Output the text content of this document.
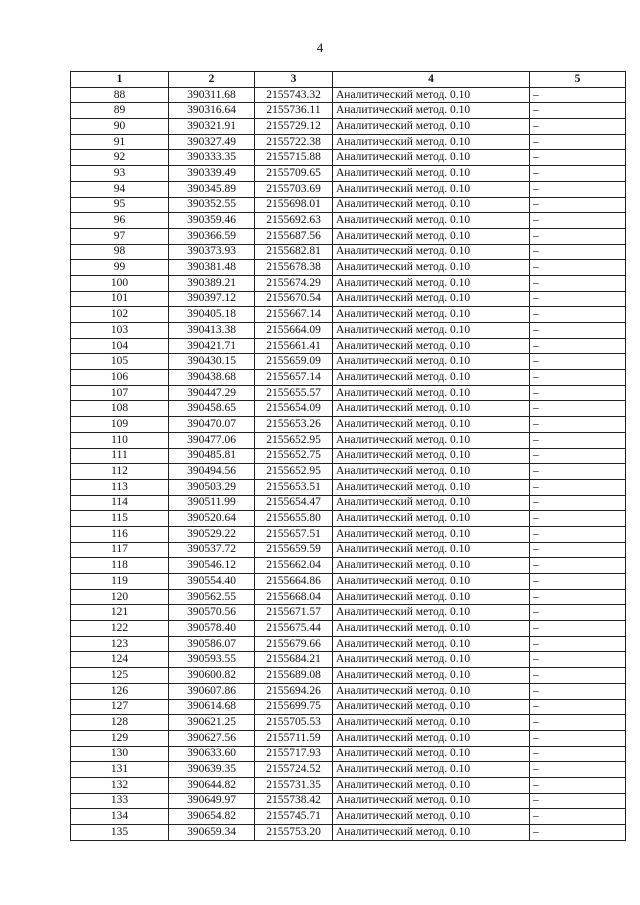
4
1	2	3	4	5
88	390311.68	2155743.32	Аналитический метод. 0.10	–
89	390316.64	2155736.11	Аналитический метод. 0.10	–
90	390321.91	2155729.12	Аналитический метод. 0.10	–
91	390327.49	2155722.38	Аналитический метод. 0.10	–
92	390333.35	2155715.88	Аналитический метод. 0.10	–
93	390339.49	2155709.65	Аналитический метод. 0.10	–
94	390345.89	2155703.69	Аналитический метод. 0.10	–
95	390352.55	2155698.01	Аналитический метод. 0.10	–
96	390359.46	2155692.63	Аналитический метод. 0.10	–
97	390366.59	2155687.56	Аналитический метод. 0.10	–
98	390373.93	2155682.81	Аналитический метод. 0.10	–
99	390381.48	2155678.38	Аналитический метод. 0.10	–
100	390389.21	2155674.29	Аналитический метод. 0.10	–
101	390397.12	2155670.54	Аналитический метод. 0.10	–
102	390405.18	2155667.14	Аналитический метод. 0.10	–
103	390413.38	2155664.09	Аналитический метод. 0.10	–
104	390421.71	2155661.41	Аналитический метод. 0.10	–
105	390430.15	2155659.09	Аналитический метод. 0.10	–
106	390438.68	2155657.14	Аналитический метод. 0.10	–
107	390447.29	2155655.57	Аналитический метод. 0.10	–
108	390458.65	2155654.09	Аналитический метод. 0.10	–
109	390470.07	2155653.26	Аналитический метод. 0.10	–
110	390477.06	2155652.95	Аналитический метод. 0.10	–
111	390485.81	2155652.75	Аналитический метод. 0.10	–
112	390494.56	2155652.95	Аналитический метод. 0.10	–
113	390503.29	2155653.51	Аналитический метод. 0.10	–
114	390511.99	2155654.47	Аналитический метод. 0.10	–
115	390520.64	2155655.80	Аналитический метод. 0.10	–
116	390529.22	2155657.51	Аналитический метод. 0.10	–
117	390537.72	2155659.59	Аналитический метод. 0.10	–
118	390546.12	2155662.04	Аналитический метод. 0.10	–
119	390554.40	2155664.86	Аналитический метод. 0.10	–
120	390562.55	2155668.04	Аналитический метод. 0.10	–
121	390570.56	2155671.57	Аналитический метод. 0.10	–
122	390578.40	2155675.44	Аналитический метод. 0.10	–
123	390586.07	2155679.66	Аналитический метод. 0.10	–
124	390593.55	2155684.21	Аналитический метод. 0.10	–
125	390600.82	2155689.08	Аналитический метод. 0.10	–
126	390607.86	2155694.26	Аналитический метод. 0.10	–
127	390614.68	2155699.75	Аналитический метод. 0.10	–
128	390621.25	2155705.53	Аналитический метод. 0.10	–
129	390627.56	2155711.59	Аналитический метод. 0.10	–
130	390633.60	2155717.93	Аналитический метод. 0.10	–
131	390639.35	2155724.52	Аналитический метод. 0.10	–
132	390644.82	2155731.35	Аналитический метод. 0.10	–
133	390649.97	2155738.42	Аналитический метод. 0.10	–
134	390654.82	2155745.71	Аналитический метод. 0.10	–
135	390659.34	2155753.20	Аналитический метод. 0.10	–
